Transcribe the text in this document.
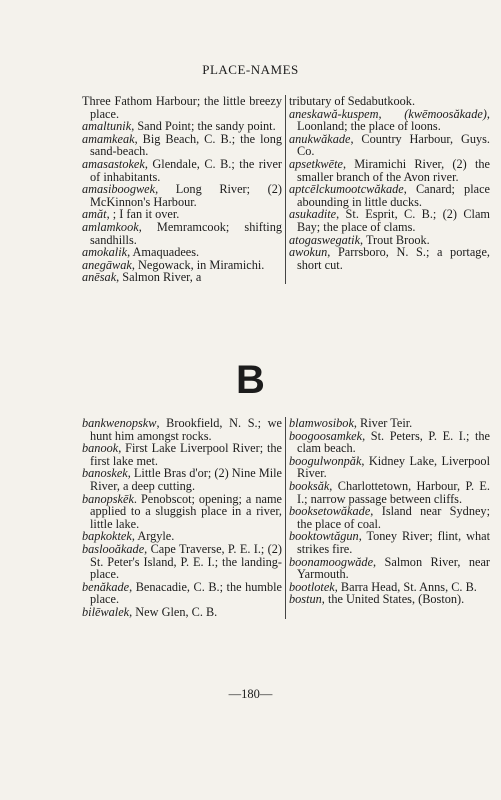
PLACE-NAMES
Three Fathom Harbour; the little breezy place.
amaltunik, Sand Point; the sandy point.
amamkeak, Big Beach, C. B.; the long sand-beach.
amasastokek, Glendale, C. B.; the river of inhabitants.
amasiboogwek, Long River; (2) McKinnon's Harbour.
amăt, ; I fan it over.
amlamkook, Memramcook; shifting sandhills.
amokalik, Amaquadees.
anegāwak, Negowack, in Miramichi.
anēsak, Salmon River, a
tributary of Sedabutkook.
aneskawă-kuspem, (kwēmoosăkade), Loonland; the place of loons.
anukwăkade, Country Harbour, Guys. Co.
apsetkwēte, Miramichi River, (2) the smaller branch of the Avon river.
aptcēlckumootcwăkade, Canard; place abounding in little ducks.
asukadite, St. Esprit, C. B.; (2) Clam Bay; the place of clams.
atogaswegatik, Trout Brook.
awokun, Parrsboro, N. S.; a portage, short cut.
B
bankwenopskw, Brookfield, N. S.; we hunt him amongst rocks.
banook, First Lake Liverpool River; the first lake met.
banoskek, Little Bras d'or; (2) Nine Mile River, a deep cutting.
banopskēk. Penobscot; opening; a name applied to a sluggish place in a river, little lake.
bapkoktek, Argyle.
baslooăkade, Cape Traverse, P. E. I.; (2) St. Peter's Island, P. E. I.; the landing-place.
benăkade, Benacadie, C. B.; the humble place.
bilēwalek, New Glen, C. B.
blamwosibok, River Teir.
boogoosamkek, St. Peters, P. E. I.; the clam beach.
boogulwonpăk, Kidney Lake, Liverpool River.
booksăk, Charlottetown, Harbour, P. E. I.; narrow passage between cliffs.
booksetowăkade, Island near Sydney; the place of coal.
booktowtăgun, Toney River; flint, what strikes fire.
boonamoogwăde, Salmon River, near Yarmouth.
bootlotek, Barra Head, St. Anns, C. B.
bostun, the United States, (Boston).
—180—
